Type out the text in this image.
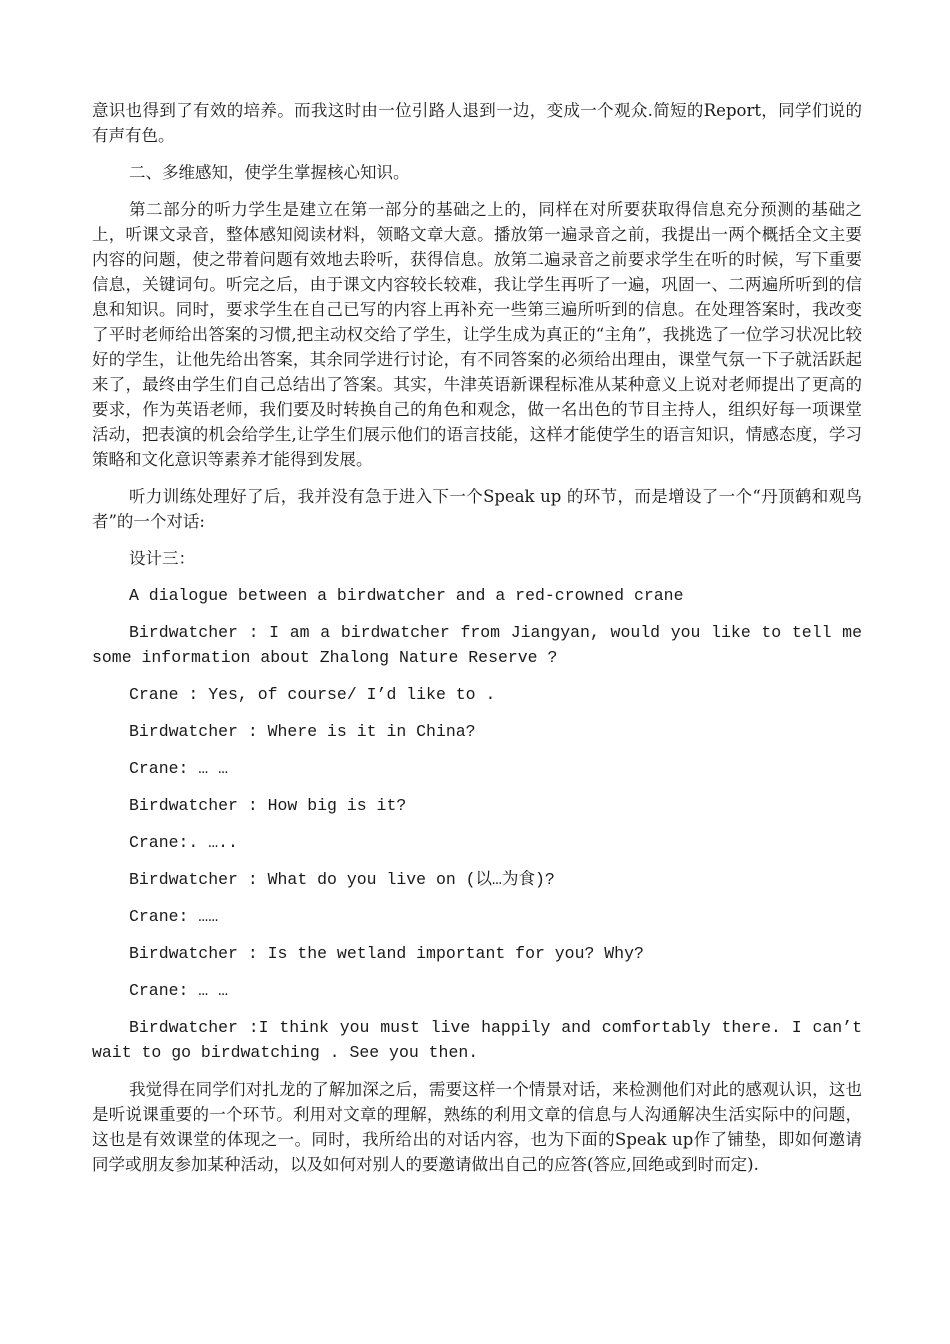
意识也得到了有效的培养。而我这时由一位引路人退到一边，变成一个观众.简短的Report，同学们说的有声有色。

二、多维感知，使学生掌握核心知识。

第二部分的听力学生是建立在第一部分的基础之上的，同样在对所要获取得信息充分预测的基础之上，听课文录音，整体感知阅读材料，领略文章大意。播放第一遍录音之前，我提出一两个概括全文主要内容的问题，使之带着问题有效地去聆听，获得信息。放第二遍录音之前要求学生在听的时候，写下重要信息，关键词句。听完之后，由于课文内容较长较难，我让学生再听了一遍，巩固一、二两遍所听到的信息和知识。同时，要求学生在自己已写的内容上再补充一些第三遍所听到的信息。在处理答案时，我改变了平时老师给出答案的习惯,把主动权交给了学生，让学生成为真正的“主角”，我挑选了一位学习状况比较好的学生，让他先给出答案，其余同学进行讨论，有不同答案的必须给出理由，课堂气氛一下子就活跃起来了，最终由学生们自己总结出了答案。其实，牛津英语新课程标准从某种意义上说对老师提出了更高的要求，作为英语老师，我们要及时转换自己的角色和观念，做一名出色的节目主持人，组织好每一项课堂活动，把表演的机会给学生,让学生们展示他们的语言技能，这样才能使学生的语言知识，情感态度，学习策略和文化意识等素养才能得到发展。

听力训练处理好了后，我并没有急于进入下一个Speak up 的环节，而是增设了一个“丹顶鹤和观鸟者”的一个对话:

设计三：

A dialogue between a birdwatcher and a red-crowned crane

Birdwatcher : I am a birdwatcher from Jiangyan, would you like to tell me some information about Zhalong Nature Reserve ?

Crane : Yes, of course/ I’d like to .

Birdwatcher : Where is it in China?

Crane: … …

Birdwatcher : How big is it?

Crane:. …..

Birdwatcher : What do you live on (以…为食)?

Crane: ……

Birdwatcher : Is the wetland important for you? Why?

Crane: … …

Birdwatcher :I think you must live happily and comfortably there. I can’t wait to go birdwatching . See you then.

我觉得在同学们对扎龙的了解加深之后，需要这样一个情景对话，来检测他们对此的感观认识，这也是听说课重要的一个环节。利用对文章的理解，熟练的利用文章的信息与人沟通解决生活实际中的问题，这也是有效课堂的体现之一。同时，我所给出的对话内容，也为下面的Speak up作了铺垫，即如何邀请同学或朋友参加某种活动，以及如何对别人的要邀请做出自己的应答(答应,回绝或到时而定).
